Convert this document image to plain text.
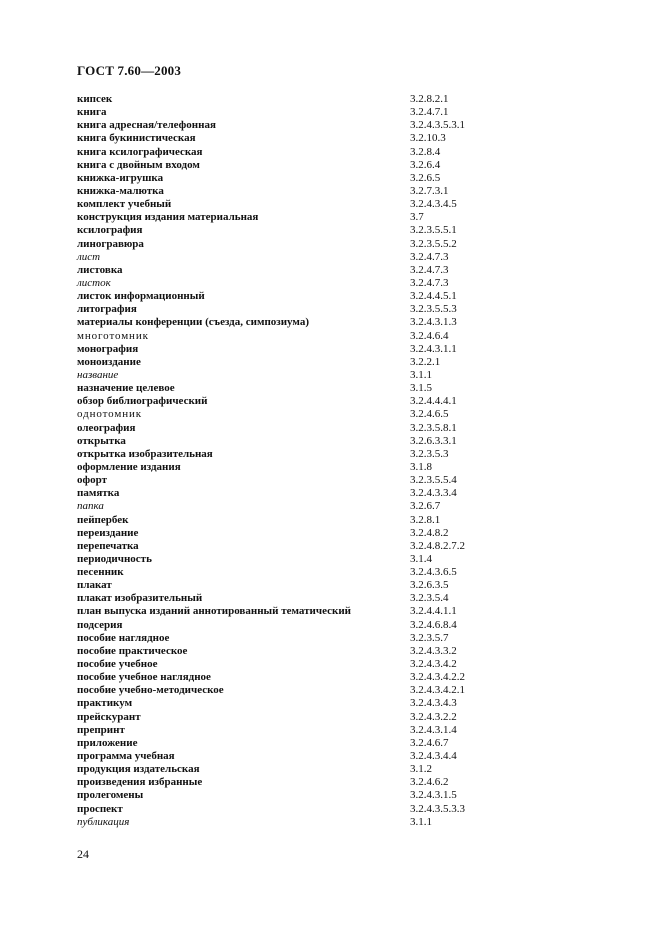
ГОСТ 7.60—2003
кипсек	3.2.8.2.1
книга	3.2.4.7.1
книга адресная/телефонная	3.2.4.3.5.3.1
книга букинистическая	3.2.10.3
книга ксилографическая	3.2.8.4
книга с двойным входом	3.2.6.4
книжка-игрушка	3.2.6.5
книжка-малютка	3.2.7.3.1
комплект учебный	3.2.4.3.4.5
конструкция издания материальная	3.7
ксилография	3.2.3.5.5.1
линогравюра	3.2.3.5.5.2
лист	3.2.4.7.3
листовка	3.2.4.7.3
листок	3.2.4.7.3
листок информационный	3.2.4.4.5.1
литография	3.2.3.5.5.3
материалы конференции (съезда, симпозиума)	3.2.4.3.1.3
многотомник	3.2.4.6.4
монография	3.2.4.3.1.1
моноиздание	3.2.2.1
название	3.1.1
назначение целевое	3.1.5
обзор библиографический	3.2.4.4.4.1
однотомник	3.2.4.6.5
олеография	3.2.3.5.8.1
открытка	3.2.6.3.3.1
открытка изобразительная	3.2.3.5.3
оформление издания	3.1.8
офорт	3.2.3.5.5.4
памятка	3.2.4.3.3.4
папка	3.2.6.7
пейпербек	3.2.8.1
переиздание	3.2.4.8.2
перепечатка	3.2.4.8.2.7.2
периодичность	3.1.4
песенник	3.2.4.3.6.5
плакат	3.2.6.3.5
плакат изобразительный	3.2.3.5.4
план выпуска изданий аннотированный тематический	3.2.4.4.1.1
подсерия	3.2.4.6.8.4
пособие наглядное	3.2.3.5.7
пособие практическое	3.2.4.3.3.2
пособие учебное	3.2.4.3.4.2
пособие учебное наглядное	3.2.4.3.4.2.2
пособие учебно-методическое	3.2.4.3.4.2.1
практикум	3.2.4.3.4.3
прейскурант	3.2.4.3.2.2
препринт	3.2.4.3.1.4
приложение	3.2.4.6.7
программа учебная	3.2.4.3.4.4
продукция издательская	3.1.2
произведения избранные	3.2.4.6.2
пролегомены	3.2.4.3.1.5
проспект	3.2.4.3.5.3.3
публикация	3.1.1
24
